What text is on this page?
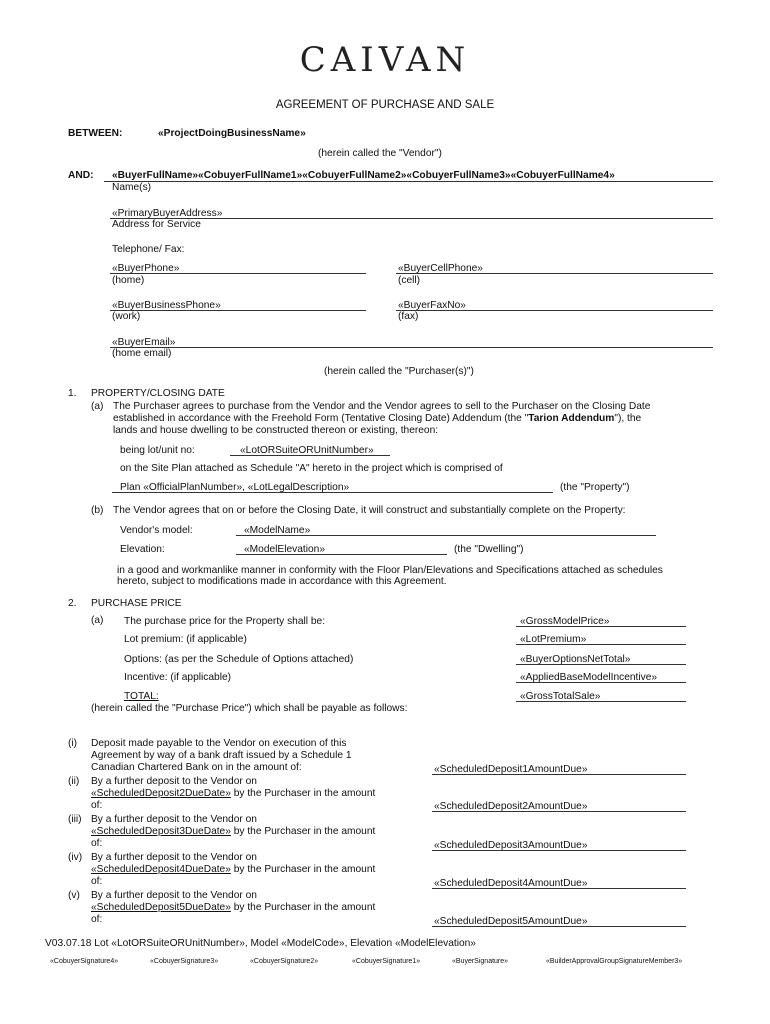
CAIVAN
AGREEMENT OF PURCHASE AND SALE
BETWEEN:	«ProjectDoingBusinessName»
(herein called the "Vendor")
AND: «BuyerFullName»«CobuyerFullName1»«CobuyerFullName2»«CobuyerFullName3»«CobuyerFullName4»
Name(s)
«PrimaryBuyerAddress»
Address for Service
Telephone/ Fax:
«BuyerPhone»
(home)
«BuyerCellPhone»
(cell)
«BuyerBusinessPhone»
(work)
«BuyerFaxNo»
(fax)
«BuyerEmail»
(home email)
(herein called the "Purchaser(s)")
1. PROPERTY/CLOSING DATE
(a) The Purchaser agrees to purchase from the Vendor and the Vendor agrees to sell to the Purchaser on the Closing Date
established in accordance with the Freehold Form (Tentative Closing Date) Addendum (the "Tarion Addendum"), the
lands and house dwelling to be constructed thereon or existing, thereon:
being lot/unit no:	«LotORSuiteORUnitNumber»
on the Site Plan attached as Schedule "A" hereto in the project which is comprised of
Plan «OfficialPlanNumber», «LotLegalDescription»	(the "Property")
(b) The Vendor agrees that on or before the Closing Date, it will construct and substantially complete on the Property:
Vendor's model:	«ModelName»
Elevation:	«ModelElevation»	(the "Dwelling")
in a good and workmanlike manner in conformity with the Floor Plan/Elevations and Specifications attached as schedules
hereto, subject to modifications made in accordance with this Agreement.
2. PURCHASE PRICE
(a) The purchase price for the Property shall be:	«GrossModelPrice»
Lot premium: (if applicable)	«LotPremium»
Options: (as per the Schedule of Options attached)	«BuyerOptionsNetTotal»
Incentive: (if applicable)	«AppliedBaseModelIncentive»
TOTAL:	«GrossTotalSale»
(herein called the "Purchase Price") which shall be payable as follows:
(i) Deposit made payable to the Vendor on execution of this
Agreement by way of a bank draft issued by a Schedule 1
Canadian Chartered Bank on in the amount of:	«ScheduledDeposit1AmountDue»
(ii) By a further deposit to the Vendor on
«ScheduledDeposit2DueDate» by the Purchaser in the amount
of:	«ScheduledDeposit2AmountDue»
(iii) By a further deposit to the Vendor on
«ScheduledDeposit3DueDate» by the Purchaser in the amount
of:	«ScheduledDeposit3AmountDue»
(iv) By a further deposit to the Vendor on
«ScheduledDeposit4DueDate» by the Purchaser in the amount
of:	«ScheduledDeposit4AmountDue»
(v) By a further deposit to the Vendor on
«ScheduledDeposit5DueDate» by the Purchaser in the amount
of:	«ScheduledDeposit5AmountDue»
V03.07.18 Lot «LotORSuiteORUnitNumber», Model «ModelCode», Elevation «ModelElevation»
«CobuyerSignature4»	«CobuyerSignature3»	«CobuyerSignature2»	«CobuyerSignature1»	«BuyerSignature»	«BuilderApprovalGroupSignatureMember3»
